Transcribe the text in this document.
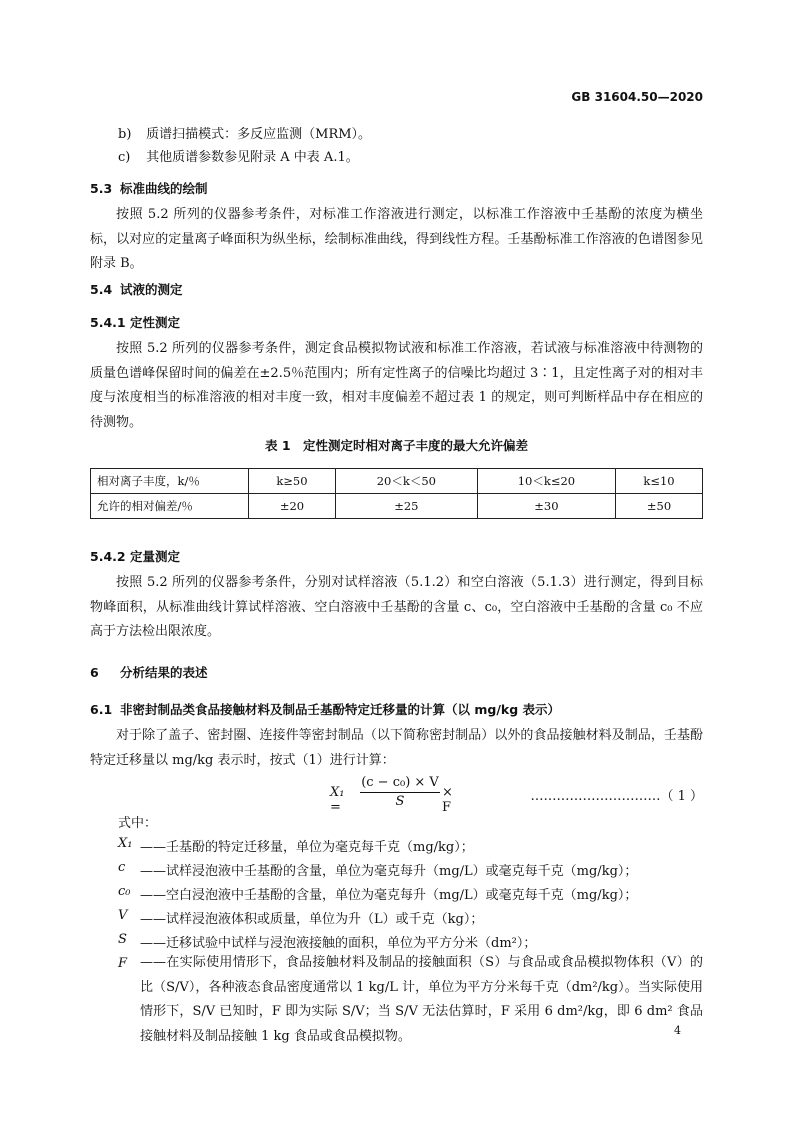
GB 31604.50—2020
b) 质谱扫描模式：多反应监测（MRM）。
c) 其他质谱参数参见附录 A 中表 A.1。
5.3 标准曲线的绘制
按照 5.2 所列的仪器参考条件，对标准工作溶液进行测定，以标准工作溶液中壬基酚的浓度为横坐标，以对应的定量离子峰面积为纵坐标，绘制标准曲线，得到线性方程。壬基酚标准工作溶液的色谱图参见附录 B。
5.4 试液的测定
5.4.1 定性测定
按照 5.2 所列的仪器参考条件，测定食品模拟物试液和标准工作溶液，若试液与标准溶液中待测物的质量色谱峰保留时间的偏差在±2.5％范围内；所有定性离子的信噪比均超过 3∶1，且定性离子对的相对丰度与浓度相当的标准溶液的相对丰度一致，相对丰度偏差不超过表 1 的规定，则可判断样品中存在相应的待测物。
表 1　定性测定时相对离子丰度的最大允许偏差
相对离子丰度，k/％	k≥50	20＜k＜50	10＜k≤20	k≤10
允许的相对偏差/％	±20	±25	±30	±50
5.4.2 定量测定
按照 5.2 所列的仪器参考条件，分别对试样溶液（5.1.2）和空白溶液（5.1.3）进行测定，得到目标物峰面积，从标准曲线计算试样溶液、空白溶液中壬基酚的含量 c、c₀，空白溶液中壬基酚的含量 c₀ 不应高于方法检出限浓度。
6 分析结果的表述
6.1 非密封制品类食品接触材料及制品壬基酚特定迁移量的计算（以 mg/kg 表示）
对于除了盖子、密封圈、连接件等密封制品（以下简称密封制品）以外的食品接触材料及制品，壬基酚特定迁移量以 mg/kg 表示时，按式（1）进行计算：
X₁ =
(c − c₀) × V
S
× F
…………………………（ 1 ）
式中：
X₁ ——壬基酚的特定迁移量，单位为毫克每千克（mg/kg）；
c	——试样浸泡液中壬基酚的含量，单位为毫克每升（mg/L）或毫克每千克（mg/kg）；
c₀ ——空白浸泡液中壬基酚的含量，单位为毫克每升（mg/L）或毫克每千克（mg/kg）；
V ——试样浸泡液体积或质量，单位为升（L）或千克（kg）；
S	——迁移试验中试样与浸泡液接触的面积，单位为平方分米（dm²）；
F ——在实际使用情形下，食品接触材料及制品的接触面积（S）与食品或食品模拟物体积（V）的比（S/V），各种液态食品密度通常以 1 kg/L 计，单位为平方分米每千克（dm²/kg）。当实际使用情形下，S/V 已知时，F 即为实际 S/V；当 S/V 无法估算时，F 采用 6 dm²/kg，即 6 dm² 食品接触材料及制品接触 1 kg 食品或食品模拟物。	4
